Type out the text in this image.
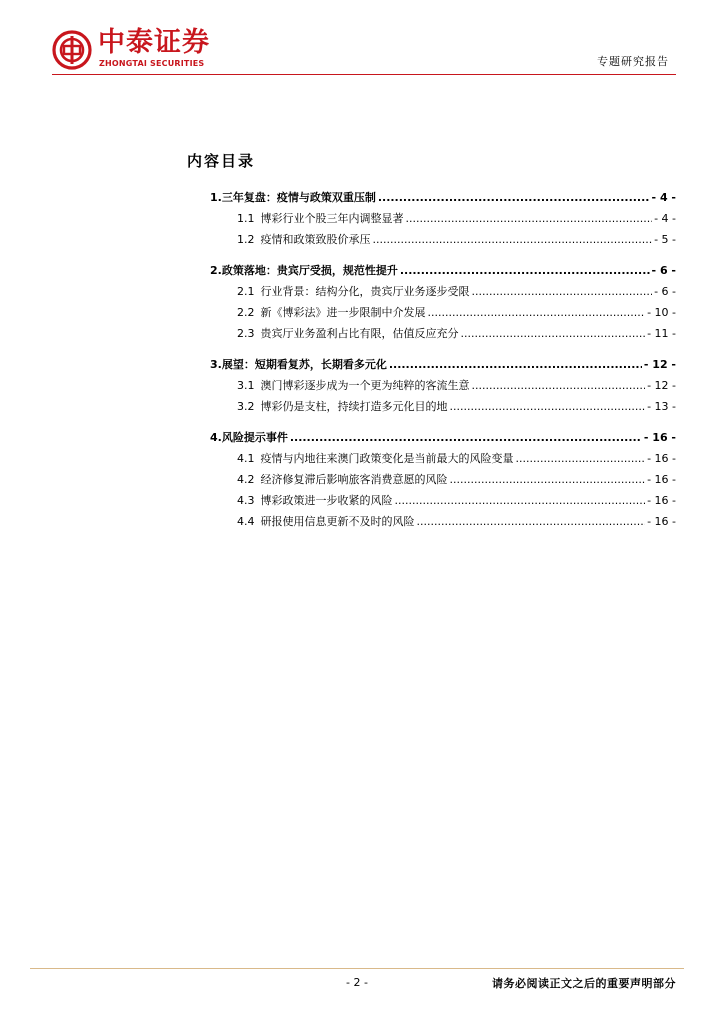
中泰证券
ZHONGTAI SECURITIES	专题研究报告
内容目录
1. 三年复盘：疫情与政策双重压制 .....	- 4 -
1.1 博彩行业个股三年内调整显著 .....	- 4 -
1.2 疫情和政策致股价承压 .....	- 5 -
2. 政策落地：贵宾厅受损，规范性提升 .....	- 6 -
2.1 行业背景：结构分化，贵宾厅业务逐步受限 .....	- 6 -
2.2 新《博彩法》进一步限制中介发展 .....	- 10 -
2.3 贵宾厅业务盈利占比有限，估值反应充分 .....	- 11 -
3. 展望：短期看复苏，长期看多元化 .....	- 12 -
3.1 澳门博彩逐步成为一个更为纯粹的客流生意 .....	- 12 -
3.2 博彩仍是支柱，持续打造多元化目的地 .....	- 13 -
4. 风险提示事件 .....	- 16 -
4.1 疫情与内地往来澳门政策变化是当前最大的风险变量 .....	- 16 -
4.2 经济修复滞后影响旅客消费意愿的风险 .....	- 16 -
4.3 博彩政策进一步收紧的风险 .....	- 16 -
4.4 研报使用信息更新不及时的风险 .....	- 16 -
- 2 -	请务必阅读正文之后的重要声明部分
